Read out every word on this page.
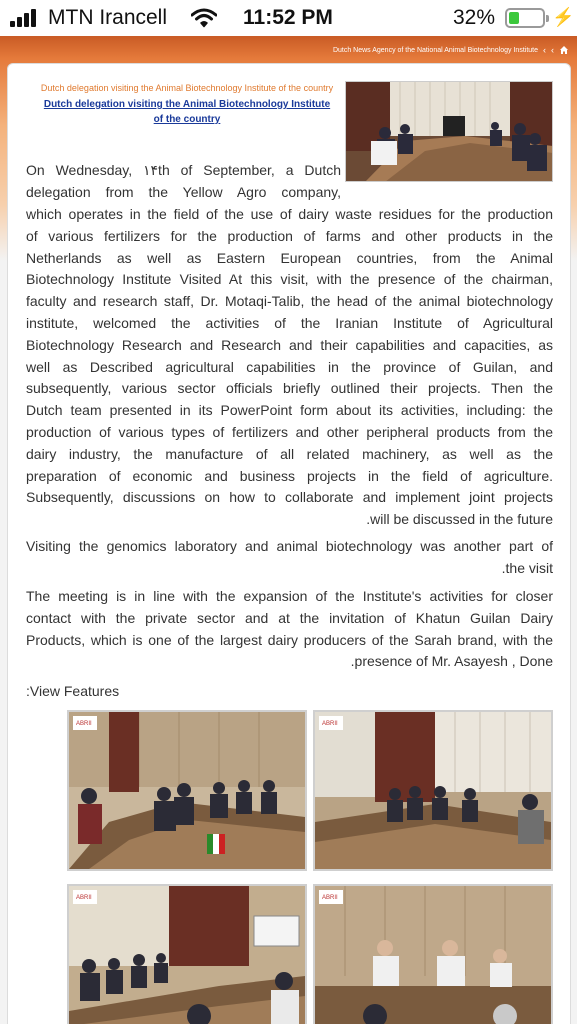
MTN Irancell	11:52 PM	32%	⚡
Dutch News Agency of the National Animal Biotechnology Institute ‹ ‹
Dutch delegation visiting the Animal Biotechnology Institute of the country
Dutch delegation visiting the Animal Biotechnology Institute
of the country
On Wednesday, ۱۴th of September, a Dutch
delegation from the Yellow Agro company,
which operates in the field of the use of dairy waste residues for the production
of various fertilizers for the production of farms and other products in the
Netherlands as well as Eastern European countries, from the Animal
Biotechnology Institute Visited At this visit, with the presence of the chairman,
faculty and research staff, Dr. Motaqi-Talib, the head of the animal biotechnology
institute, welcomed the activities of the Iranian Institute of Agricultural
Biotechnology Research and Research and their capabilities and capacities, as
well as Described agricultural capabilities in the province of Guilan, and
subsequently, various sector officials briefly outlined their projects. Then the
Dutch team presented in its PowerPoint form about its activities, including: the
production of various types of fertilizers and other peripheral products from the
dairy industry, the manufacture of all related machinery, as well as the
preparation of economic and business projects in the field of agriculture.
Subsequently, discussions on how to collaborate and implement joint projects
.will be discussed in the future
Visiting the genomics laboratory and animal biotechnology was another part of
.the visit
The meeting is in line with the expansion of the Institute's activities for closer
contact with the private sector and at the invitation of Khatun Guilan Dairy
Products, which is one of the largest dairy producers of the Sarah brand, with the
.presence of Mr. Asayesh , Done
:View Features
ABRII	ABRII
ABRII	ABRII
